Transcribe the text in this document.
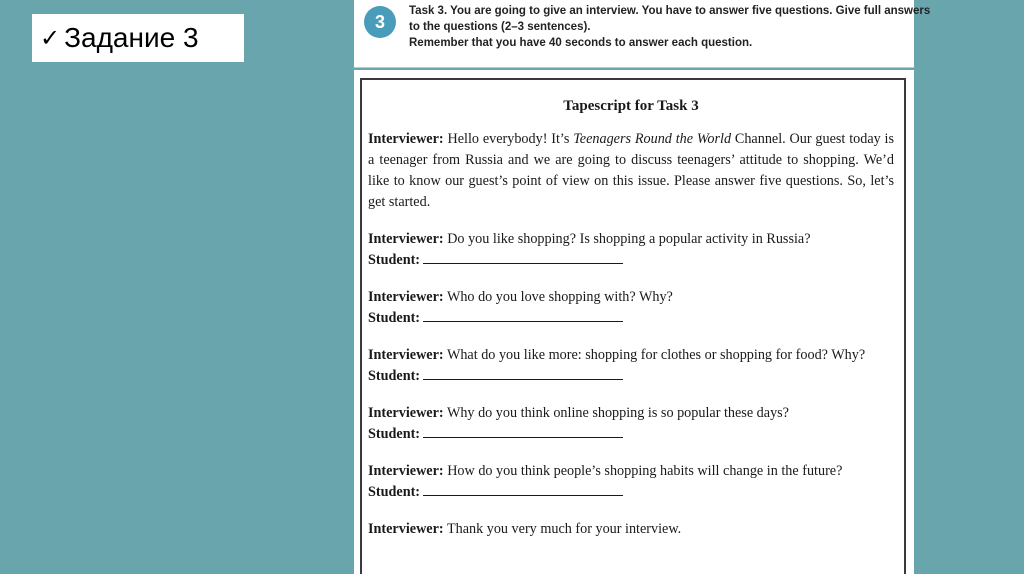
✓ Задание 3
3
Task 3. You are going to give an interview. You have to answer five questions. Give full answers
to the questions (2–3 sentences).
Remember that you have 40 seconds to answer each question.
Tapescript for Task 3

Interviewer: Hello everybody! It’s Teenagers Round the World Channel. Our guest today is a teenager from Russia and we are going to discuss teenagers’ attitude to shopping. We’d like to know our guest’s point of view on this issue. Please answer five questions. So, let’s get started.

Interviewer: Do you like shopping? Is shopping a popular activity in Russia?
Student:
Interviewer: Who do you love shopping with? Why?
Student:
Interviewer: What do you like more: shopping for clothes or shopping for food? Why?
Student:
Interviewer: Why do you think online shopping is so popular these days?
Student:
Interviewer: How do you think people’s shopping habits will change in the future?
Student:
Interviewer: Thank you very much for your interview.
